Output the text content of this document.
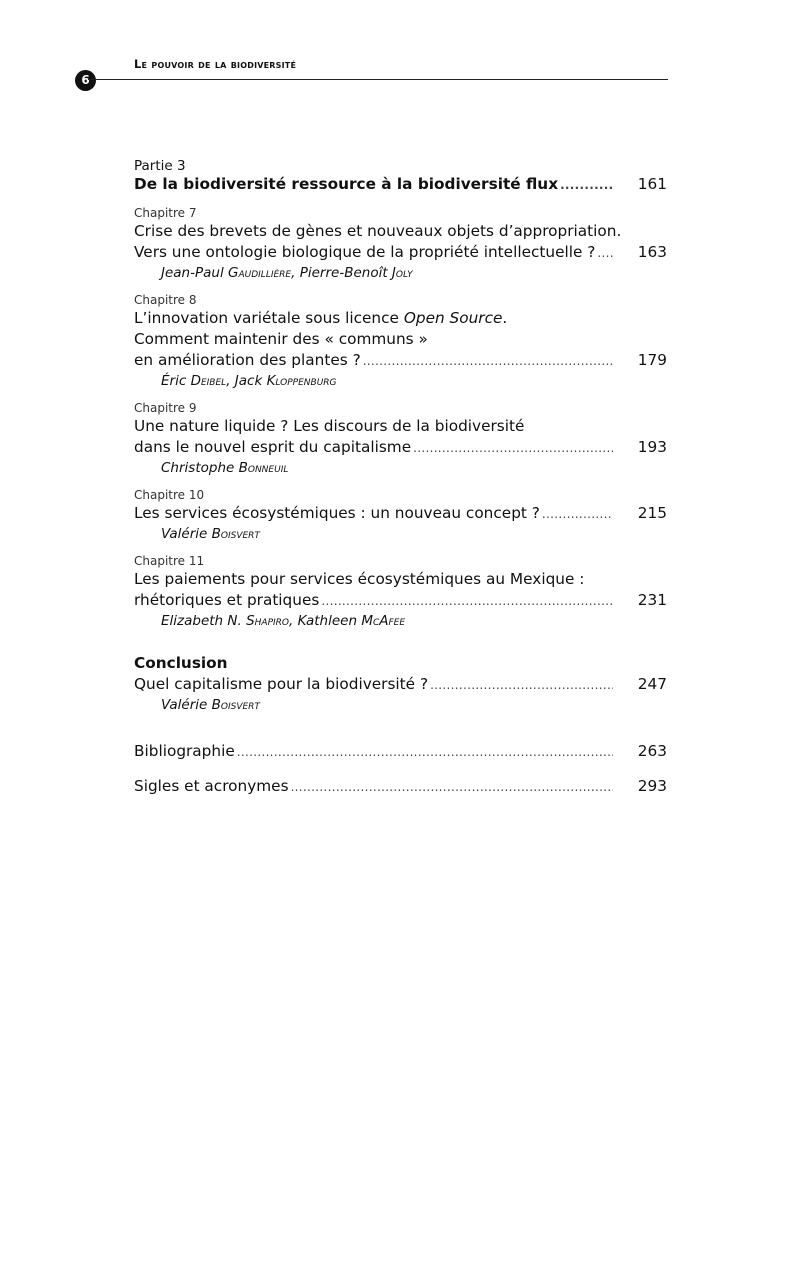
Le pouvoir de la biodiversité
6
Partie 3
De la biodiversité ressource à la biodiversité flux .....	161
Chapitre 7
Crise des brevets de gènes et nouveaux objets d’appropriation.
Vers une ontologie biologique de la propriété intellectuelle ? .....	163
Jean-Paul Gaudillière, Pierre-Benoît Joly
Chapitre 8
L’innovation variétale sous licence Open Source.
Comment maintenir des « communs »
en amélioration des plantes ? .....	179
Éric Deibel, Jack Kloppenburg
Chapitre 9
Une nature liquide ? Les discours de la biodiversité
dans le nouvel esprit du capitalisme .....	193
Christophe Bonneuil
Chapitre 10
Les services écosystémiques : un nouveau concept ? .....	215
Valérie Boisvert
Chapitre 11
Les paiements pour services écosystémiques au Mexique :
rhétoriques et pratiques .....	231
Elizabeth N. Shapiro, Kathleen McAfee
Conclusion
Quel capitalisme pour la biodiversité ? .....	247
Valérie Boisvert
Bibliographie .....	263
Sigles et acronymes .....	293
